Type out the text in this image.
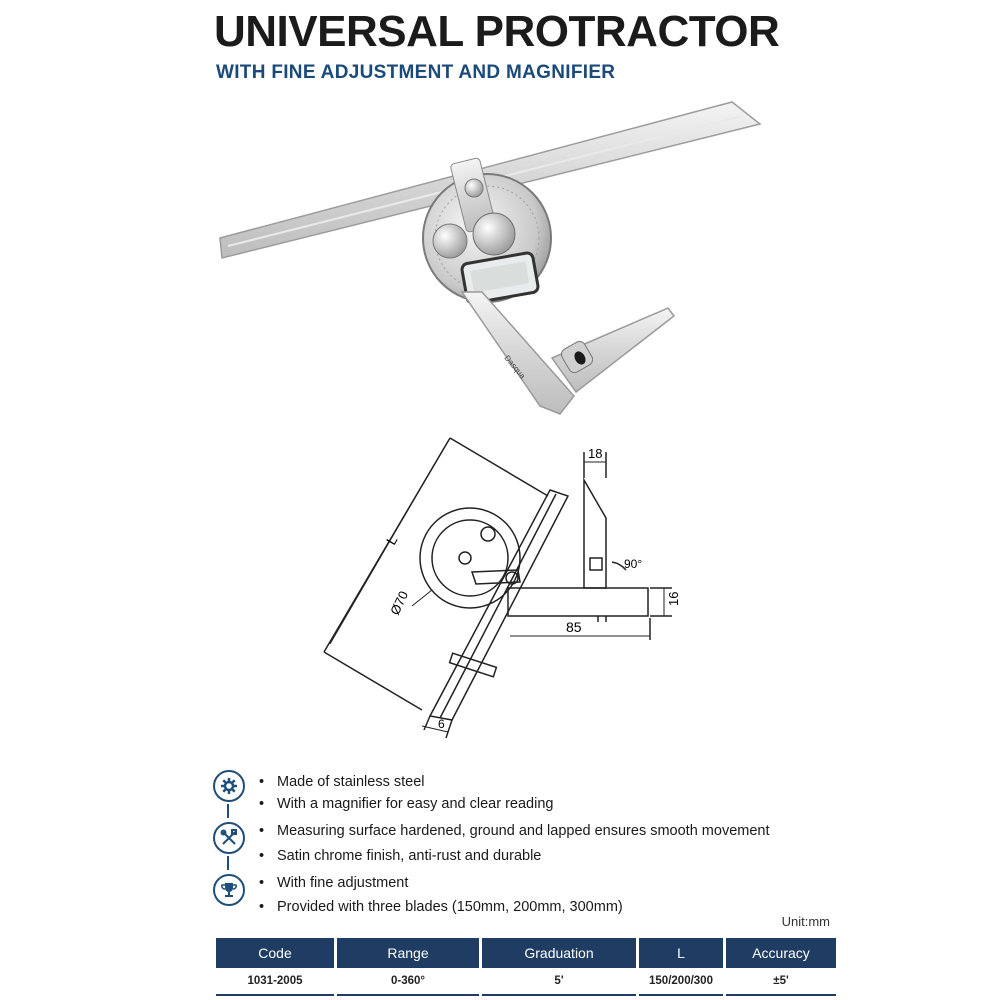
UNIVERSAL PROTRACTOR
WITH FINE ADJUSTMENT AND MAGNIFIER
Dasqua
L
Ø70
18
90°
16
85
6
• Made of stainless steel
• With a magnifier for easy and clear reading
• Measuring surface hardened, ground and lapped ensures smooth movement
• Satin chrome finish, anti-rust and durable
• With fine adjustment
• Provided with three blades (150mm, 200mm, 300mm)
Unit:mm
Code	Range	Graduation	L	Accuracy
1031-2005	0-360°	5'	150/200/300	±5'
